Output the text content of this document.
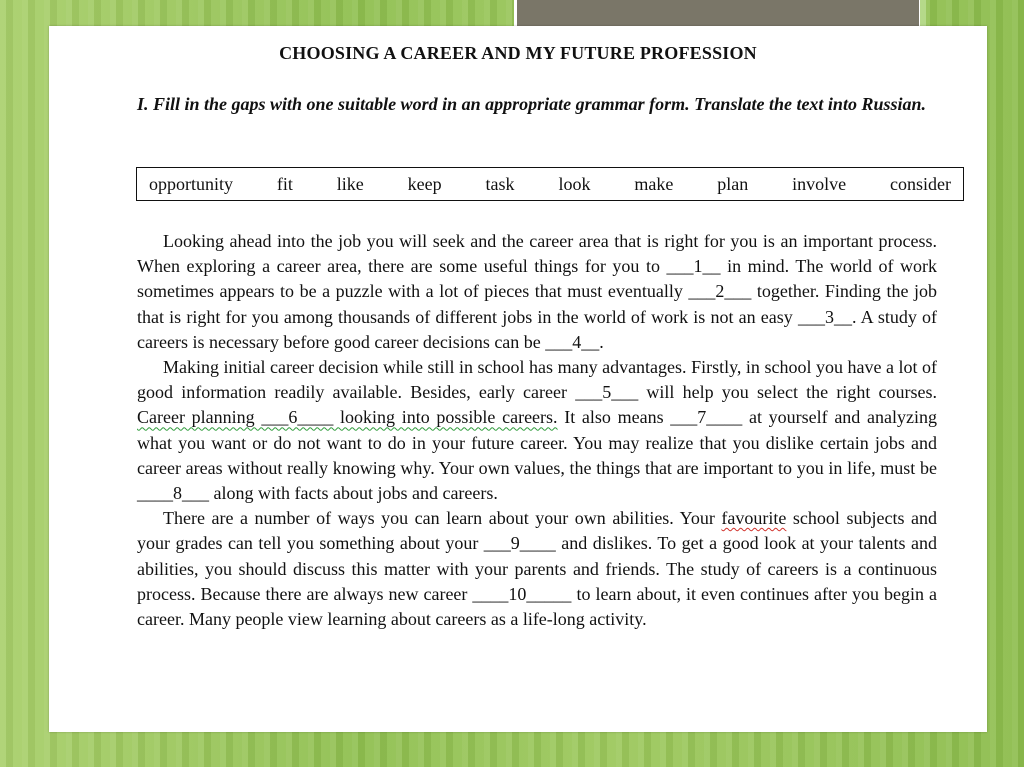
CHOOSING A CAREER AND MY FUTURE PROFESSION
I. Fill in the gaps with one suitable word in an appropriate grammar form. Translate the text into Russian.
opportunity fit like keep task look make plan involve consider

Looking ahead into the job you will seek and the career area that is right for you is an important process. When exploring a career area, there are some useful things for you to ___1__ in mind. The world of work sometimes appears to be a puzzle with a lot of pieces that must eventually ___2___ together. Finding the job that is right for you among thousands of different jobs in the world of work is not an easy ___3__. A study of careers is necessary before good career decisions can be ___4__.

Making initial career decision while still in school has many advantages. Firstly, in school you have a lot of good information readily available. Besides, early career ___5___ will help you select the right courses. Career planning ___6____ looking into possible careers. It also means ___7____ at yourself and analyzing what you want or do not want to do in your future career. You may realize that you dislike certain jobs and career areas without really knowing why. Your own values, the things that are important to you in life, must be ____8___ along with facts about jobs and careers.

There are a number of ways you can learn about your own abilities. Your favourite school subjects and your grades can tell you something about your ___9____ and dislikes. To get a good look at your talents and abilities, you should discuss this matter with your parents and friends. The study of careers is a continuous process. Because there are always new career ____10_____ to learn about, it even continues after you begin a career. Many people view learning about careers as a life-long activity.
